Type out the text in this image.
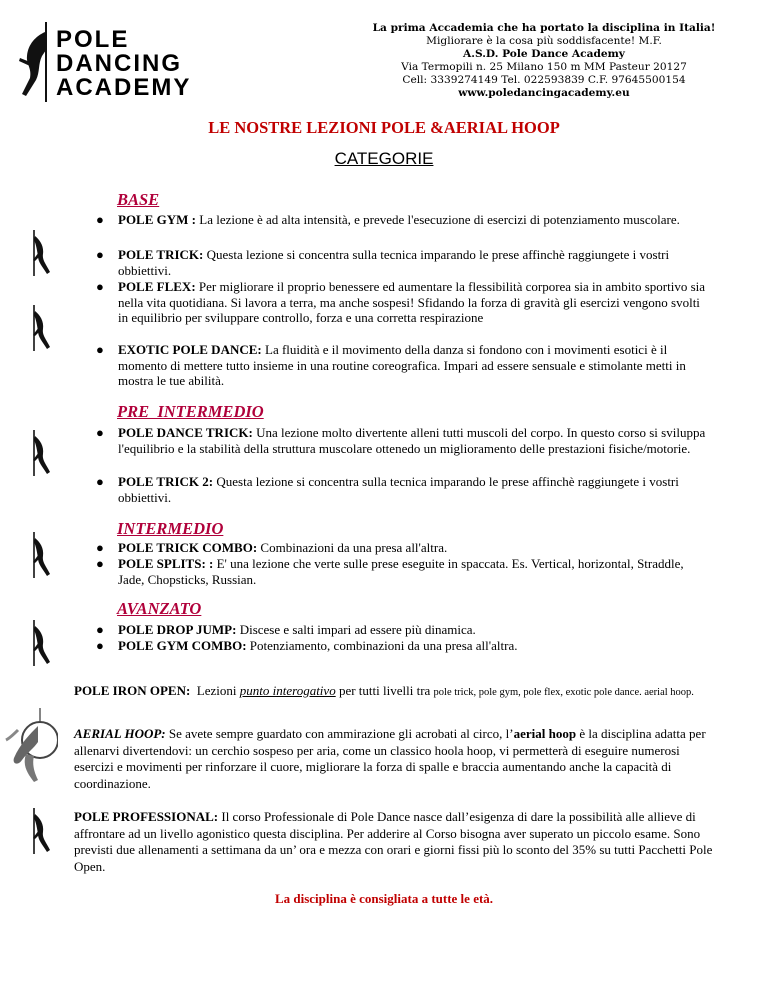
POLE
DANCING
ACADEMY
La prima Accademia che ha portato la disciplina in Italia!
Migliorare è la cosa più soddisfacente! M.F.
A.S.D. Pole Dance Academy
Via Termopili n. 25 Milano 150 m MM Pasteur 20127
Cell: 3339274149 Tel. 022593839 C.F. 97645500154
www.poledancingacademy.eu
LE NOSTRE LEZIONI POLE &AERIAL HOOP
CATEGORIE
BASE
● POLE GYM : La lezione è ad alta intensità, e prevede l'esecuzione di esercizi di potenziamento muscolare.
● POLE TRICK: Questa lezione si concentra sulla tecnica imparando le prese affinchè raggiungete i vostri obbiettivi.
● POLE FLEX: Per migliorare il proprio benessere ed aumentare la flessibilità corporea sia in ambito sportivo sia nella vita quotidiana. Si lavora a terra, ma anche sospesi! Sfidando la forza di gravità gli esercizi vengono svolti in equilibrio per sviluppare controllo, forza e una corretta respirazione
● EXOTIC POLE DANCE: La fluidità e il movimento della danza si fondono con i movimenti esotici è il momento di mettere tutto insieme in una routine coreografica. Impari ad essere sensuale e stimolante metti in mostra le tue abilità.
PRE  INTERMEDIO
● POLE DANCE TRICK: Una lezione molto divertente alleni tutti muscoli del corpo. In questo corso si sviluppa l'equilibrio e la stabilità della struttura muscolare ottenedo un miglioramento delle prestazioni fisiche/motorie.
● POLE TRICK 2: Questa lezione si concentra sulla tecnica imparando le prese affinchè raggiungete i vostri obbiettivi.
INTERMEDIO
● POLE TRICK COMBO: Combinazioni da una presa all'altra.
● POLE SPLITS: : E' una lezione che verte sulle prese eseguite in spaccata. Es. Vertical, horizontal, Straddle, Jade, Chopsticks, Russian.
AVANZATO
● POLE DROP JUMP: Discese e salti impari ad essere più dinamica.
● POLE GYM COMBO: Potenziamento, combinazioni da una presa all'altra.
POLE IRON OPEN:  Lezioni punto interogativo per tutti livelli tra pole trick, pole gym, pole flex, exotic pole dance. aerial hoop.
AERIAL HOOP: Se avete sempre guardato con ammirazione gli acrobati al circo, l’aerial hoop è la disciplina adatta per allenarvi divertendovi: un cerchio sospeso per aria, come un classico hoola hoop, vi permetterà di eseguire numerosi esercizi e movimenti per rinforzare il cuore, migliorare la forza di spalle e braccia aumentando anche la capacità di coordinazione.
POLE PROFESSIONAL: Il corso Professionale di Pole Dance nasce dall’esigenza di dare la possibilità alle allieve di affrontare ad un livello agonistico questa disciplina. Per adderire al Corso bisogna aver superato un piccolo esame. Sono previsti due allenamenti a settimana da un’ ora e mezza con orari e giorni fissi più lo sconto del 35% su tutti Pacchetti Pole Open.
La disciplina è consigliata a tutte le età.
